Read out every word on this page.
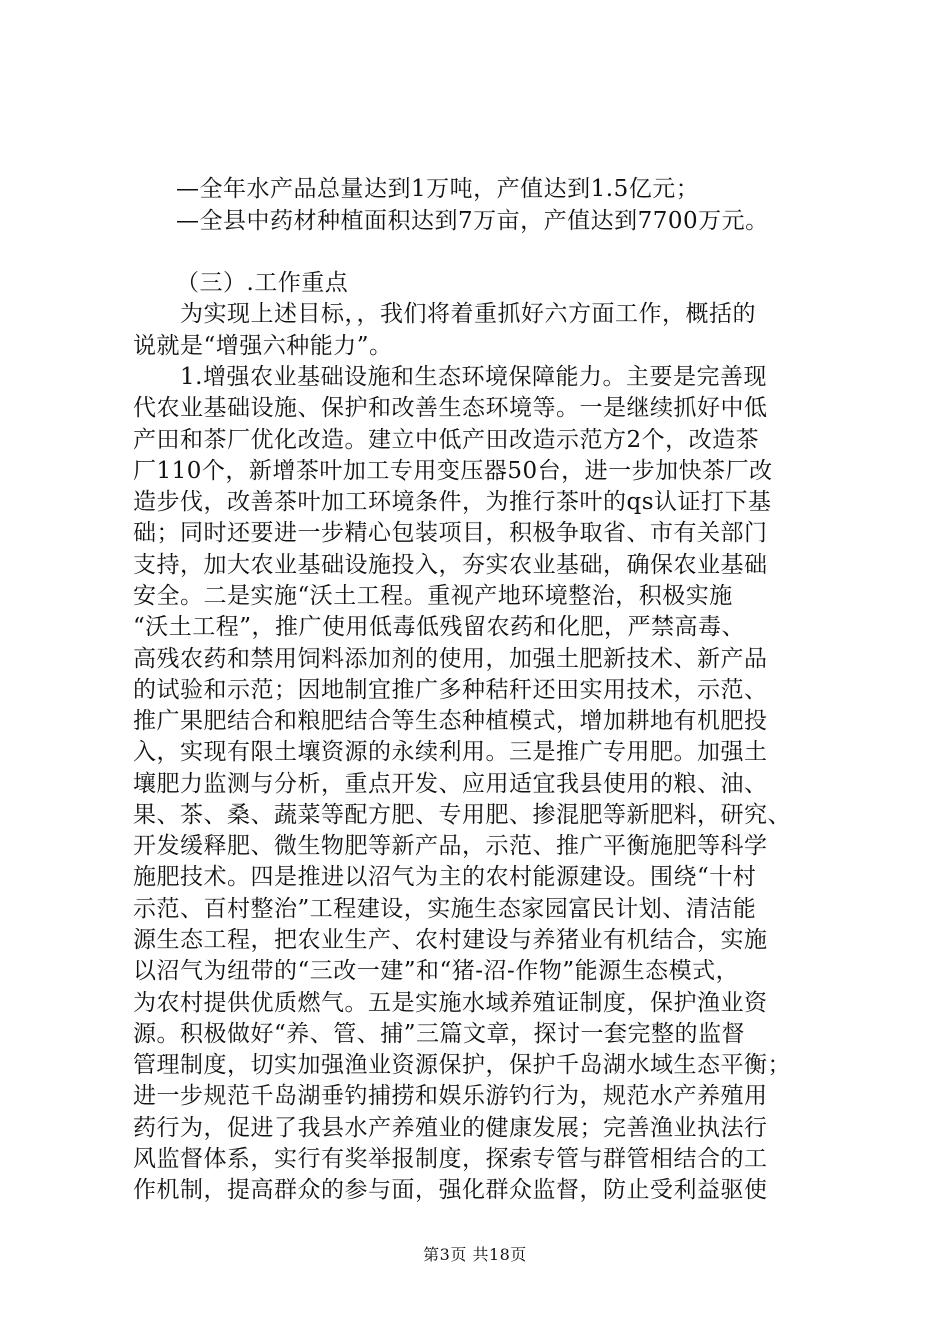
—全年水产品总量达到1万吨，产值达到1.5亿元；
—全县中药材种植面积达到7万亩，产值达到7700万元。
（三）.工作重点
为实现上述目标，，我们将着重抓好六方面工作，概括的
说就是“增强六种能力”。
1.增强农业基础设施和生态环境保障能力。主要是完善现
代农业基础设施、保护和改善生态环境等。一是继续抓好中低
产田和茶厂优化改造。建立中低产田改造示范方2个，改造茶
厂110个，新增茶叶加工专用变压器50台，进一步加快茶厂改
造步伐，改善茶叶加工环境条件，为推行茶叶的qs认证打下基
础；同时还要进一步精心包装项目，积极争取省、市有关部门
支持，加大农业基础设施投入，夯实农业基础，确保农业基础
安全。二是实施“沃土工程。重视产地环境整治，积极实施
“沃土工程”，推广使用低毒低残留农药和化肥，严禁高毒、
高残农药和禁用饲料添加剂的使用，加强土肥新技术、新产品
的试验和示范；因地制宜推广多种秸秆还田实用技术，示范、
推广果肥结合和粮肥结合等生态种植模式，增加耕地有机肥投
入，实现有限土壤资源的永续利用。三是推广专用肥。加强土
壤肥力监测与分析，重点开发、应用适宜我县使用的粮、油、
果、茶、桑、蔬菜等配方肥、专用肥、掺混肥等新肥料，研究、
开发缓释肥、微生物肥等新产品，示范、推广平衡施肥等科学
施肥技术。四是推进以沼气为主的农村能源建设。围绕“十村
示范、百村整治”工程建设，实施生态家园富民计划、清洁能
源生态工程，把农业生产、农村建设与养猪业有机结合，实施
以沼气为纽带的“三改一建”和“猪-沼-作物”能源生态模式，
为农村提供优质燃气。五是实施水域养殖证制度，保护渔业资
源。积极做好“养、管、捕”三篇文章，探讨一套完整的监督
管理制度，切实加强渔业资源保护，保护千岛湖水域生态平衡；
进一步规范千岛湖垂钓捕捞和娱乐游钓行为，规范水产养殖用
药行为，促进了我县水产养殖业的健康发展；完善渔业执法行
风监督体系，实行有奖举报制度，探索专管与群管相结合的工
作机制，提高群众的参与面，强化群众监督，防止受利益驱使
第3页 共18页
